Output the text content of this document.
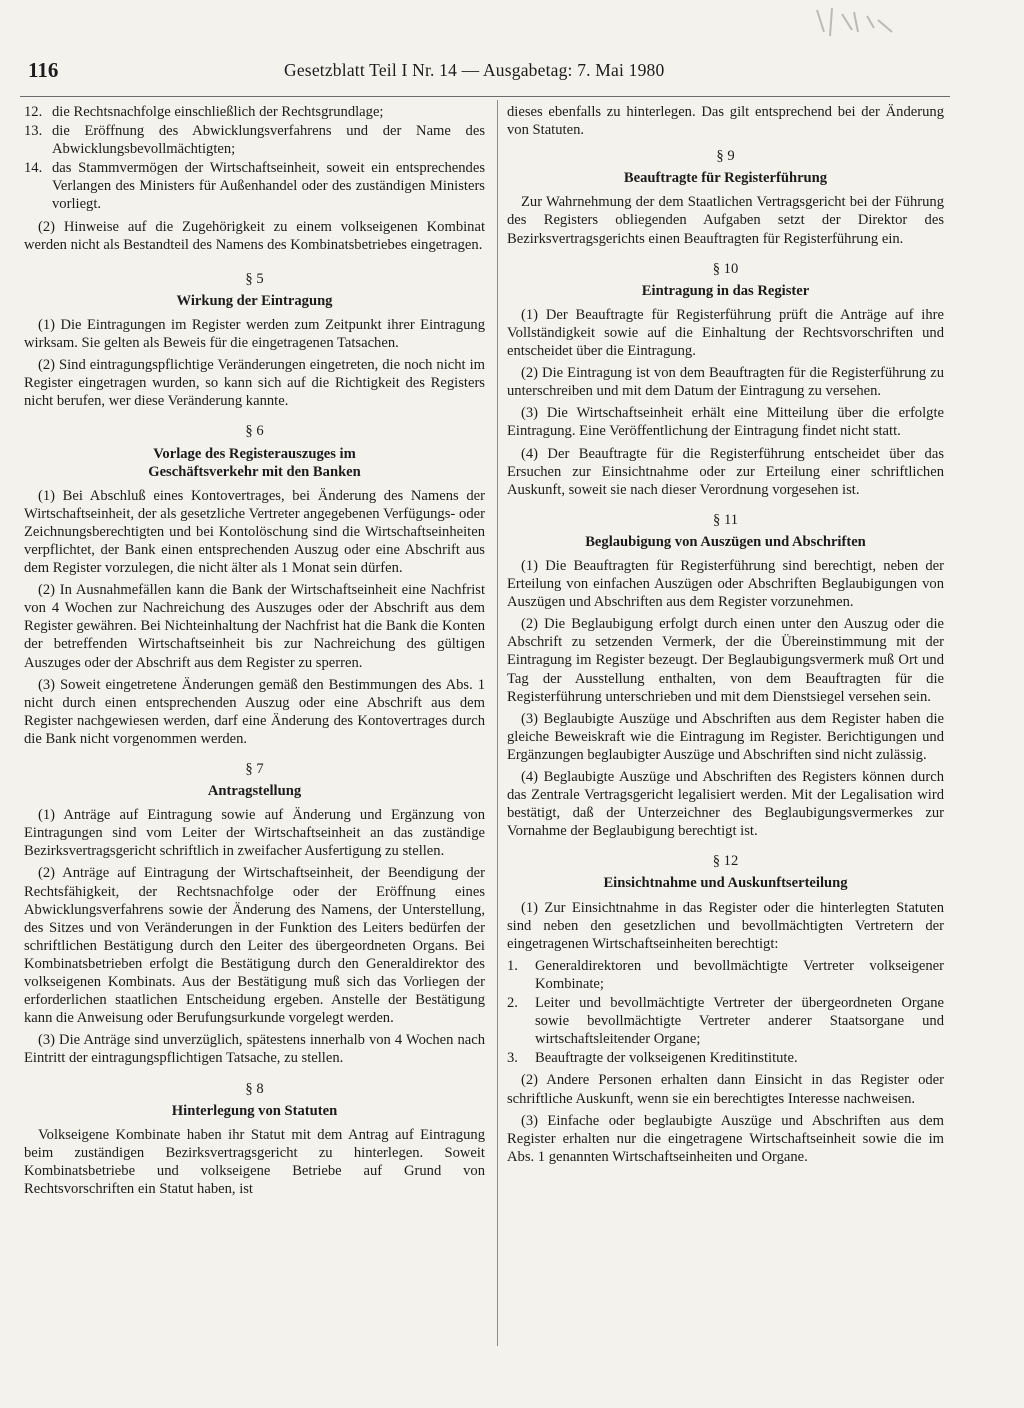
116	Gesetzblatt Teil I Nr. 14 — Ausgabetag: 7. Mai 1980
12. die Rechtsnachfolge einschließlich der Rechtsgrundlage;
13. die Eröffnung des Abwicklungsverfahrens und der Name des Abwicklungsbevollmächtigten;
14. das Stammvermögen der Wirtschaftseinheit, soweit ein entsprechendes Verlangen des Ministers für Außenhandel oder des zuständigen Ministers vorliegt.

(2) Hinweise auf die Zugehörigkeit zu einem volkseigenen Kombinat werden nicht als Bestandteil des Namens des Kombinatsbetriebes eingetragen.

§ 5
Wirkung der Eintragung

(1) Die Eintragungen im Register werden zum Zeitpunkt ihrer Eintragung wirksam. Sie gelten als Beweis für die eingetragenen Tatsachen.

(2) Sind eintragungspflichtige Veränderungen eingetreten, die noch nicht im Register eingetragen wurden, so kann sich auf die Richtigkeit des Registers nicht berufen, wer diese Veränderung kannte.

§ 6
Vorlage des Registerauszuges im
Geschäftsverkehr mit den Banken

(1) Bei Abschluß eines Kontovertrages, bei Änderung des Namens der Wirtschaftseinheit, der als gesetzliche Vertreter angegebenen Verfügungs- oder Zeichnungsberechtigten und bei Kontolöschung sind die Wirtschaftseinheiten verpflichtet, der Bank einen entsprechenden Auszug oder eine Abschrift aus dem Register vorzulegen, die nicht älter als 1 Monat sein dürfen.

(2) In Ausnahmefällen kann die Bank der Wirtschaftseinheit eine Nachfrist von 4 Wochen zur Nachreichung des Auszuges oder der Abschrift aus dem Register gewähren. Bei Nichteinhaltung der Nachfrist hat die Bank die Konten der betreffenden Wirtschaftseinheit bis zur Nachreichung des gültigen Auszuges oder der Abschrift aus dem Register zu sperren.

(3) Soweit eingetretene Änderungen gemäß den Bestimmungen des Abs. 1 nicht durch einen entsprechenden Auszug oder eine Abschrift aus dem Register nachgewiesen werden, darf eine Änderung des Kontovertrages durch die Bank nicht vorgenommen werden.

§ 7
Antragstellung

(1) Anträge auf Eintragung sowie auf Änderung und Ergänzung von Eintragungen sind vom Leiter der Wirtschaftseinheit an das zuständige Bezirksvertragsgericht schriftlich in zweifacher Ausfertigung zu stellen.

(2) Anträge auf Eintragung der Wirtschaftseinheit, der Beendigung der Rechtsfähigkeit, der Rechtsnachfolge oder der Eröffnung eines Abwicklungsverfahrens sowie der Änderung des Namens, der Unterstellung, des Sitzes und von Veränderungen in der Funktion des Leiters bedürfen der schriftlichen Bestätigung durch den Leiter des übergeordneten Organs. Bei Kombinatsbetrieben erfolgt die Bestätigung durch den Generaldirektor des volkseigenen Kombinats. Aus der Bestätigung muß sich das Vorliegen der erforderlichen staatlichen Entscheidung ergeben. Anstelle der Bestätigung kann die Anweisung oder Berufungsurkunde vorgelegt werden.

(3) Die Anträge sind unverzüglich, spätestens innerhalb von 4 Wochen nach Eintritt der eintragungspflichtigen Tatsache, zu stellen.

§ 8
Hinterlegung von Statuten

Volkseigene Kombinate haben ihr Statut mit dem Antrag auf Eintragung beim zuständigen Bezirksvertragsgericht zu hinterlegen. Soweit Kombinatsbetriebe und volkseigene Betriebe auf Grund von Rechtsvorschriften ein Statut haben, ist

dieses ebenfalls zu hinterlegen. Das gilt entsprechend bei der Änderung von Statuten.

§ 9
Beauftragte für Registerführung

Zur Wahrnehmung der dem Staatlichen Vertragsgericht bei der Führung des Registers obliegenden Aufgaben setzt der Direktor des Bezirksvertragsgerichts einen Beauftragten für Registerführung ein.

§ 10
Eintragung in das Register

(1) Der Beauftragte für Registerführung prüft die Anträge auf ihre Vollständigkeit sowie auf die Einhaltung der Rechtsvorschriften und entscheidet über die Eintragung.

(2) Die Eintragung ist von dem Beauftragten für die Registerführung zu unterschreiben und mit dem Datum der Eintragung zu versehen.

(3) Die Wirtschaftseinheit erhält eine Mitteilung über die erfolgte Eintragung. Eine Veröffentlichung der Eintragung findet nicht statt.

(4) Der Beauftragte für die Registerführung entscheidet über das Ersuchen zur Einsichtnahme oder zur Erteilung einer schriftlichen Auskunft, soweit sie nach dieser Verordnung vorgesehen ist.

§ 11
Beglaubigung von Auszügen und Abschriften

(1) Die Beauftragten für Registerführung sind berechtigt, neben der Erteilung von einfachen Auszügen oder Abschriften Beglaubigungen von Auszügen und Abschriften aus dem Register vorzunehmen.

(2) Die Beglaubigung erfolgt durch einen unter den Auszug oder die Abschrift zu setzenden Vermerk, der die Übereinstimmung mit der Eintragung im Register bezeugt. Der Beglaubigungsvermerk muß Ort und Tag der Ausstellung enthalten, von dem Beauftragten für die Registerführung unterschrieben und mit dem Dienstsiegel versehen sein.

(3) Beglaubigte Auszüge und Abschriften aus dem Register haben die gleiche Beweiskraft wie die Eintragung im Register. Berichtigungen und Ergänzungen beglaubigter Auszüge und Abschriften sind nicht zulässig.

(4) Beglaubigte Auszüge und Abschriften des Registers können durch das Zentrale Vertragsgericht legalisiert werden. Mit der Legalisation wird bestätigt, daß der Unterzeichner des Beglaubigungsvermerkes zur Vornahme der Beglaubigung berechtigt ist.

§ 12
Einsichtnahme und Auskunftserteilung

(1) Zur Einsichtnahme in das Register oder die hinterlegten Statuten sind neben den gesetzlichen und bevollmächtigten Vertretern der eingetragenen Wirtschaftseinheiten berechtigt:

1. Generaldirektoren und bevollmächtigte Vertreter volkseigener Kombinate;
2. Leiter und bevollmächtigte Vertreter der übergeordneten Organe sowie bevollmächtigte Vertreter anderer Staatsorgane und wirtschaftsleitender Organe;
3. Beauftragte der volkseigenen Kreditinstitute.

(2) Andere Personen erhalten dann Einsicht in das Register oder schriftliche Auskunft, wenn sie ein berechtigtes Interesse nachweisen.

(3) Einfache oder beglaubigte Auszüge und Abschriften aus dem Register erhalten nur die eingetragene Wirtschaftseinheit sowie die im Abs. 1 genannten Wirtschaftseinheiten und Organe.
